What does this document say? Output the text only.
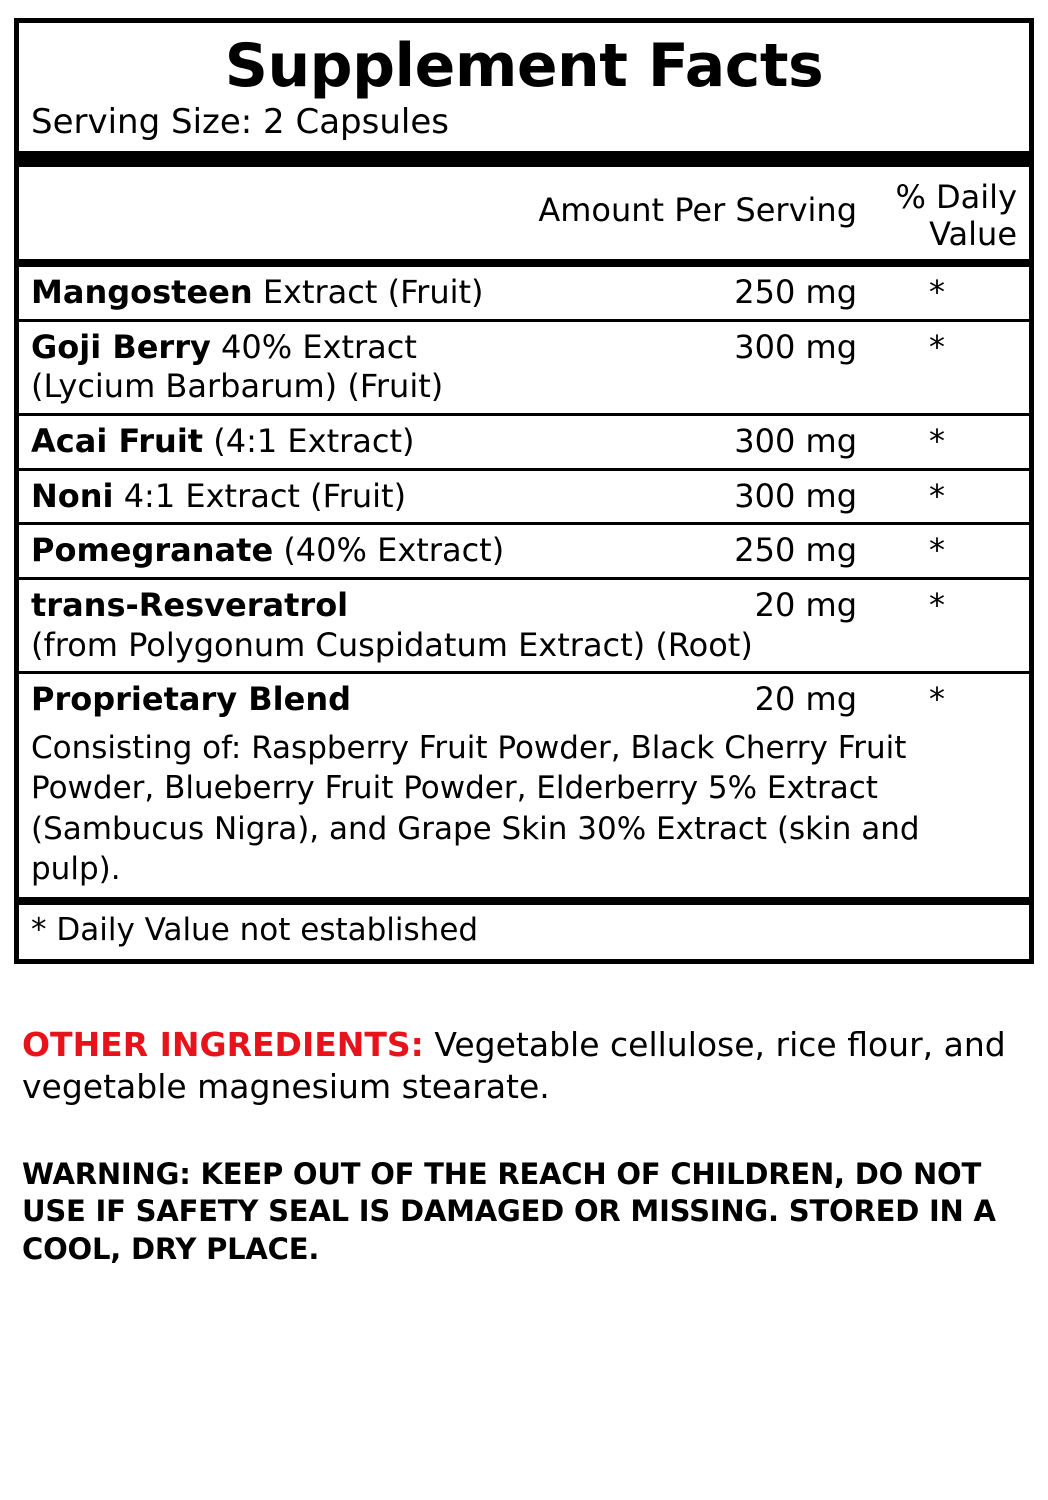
Supplement Facts
Serving Size: 2 Capsules
Amount Per Serving	% Daily
Value
Mangosteen Extract (Fruit)	250 mg	*
Goji Berry 40% Extract	300 mg	*
(Lycium Barbarum) (Fruit)
Acai Fruit (4:1 Extract)	300 mg	*
Noni 4:1 Extract (Fruit)	300 mg	*
Pomegranate (40% Extract)	250 mg	*
trans-Resveratrol	20 mg	*
(from Polygonum Cuspidatum Extract) (Root)
Proprietary Blend	20 mg	*
Consisting of: Raspberry Fruit Powder, Black Cherry Fruit Powder, Blueberry Fruit Powder, Elderberry 5% Extract (Sambucus Nigra), and Grape Skin 30% Extract (skin and pulp).
* Daily Value not established
OTHER INGREDIENTS: Vegetable cellulose, rice flour, and vegetable magnesium stearate.
WARNING: KEEP OUT OF THE REACH OF CHILDREN, DO NOT USE IF SAFETY SEAL IS DAMAGED OR MISSING. STORED IN A COOL, DRY PLACE.
